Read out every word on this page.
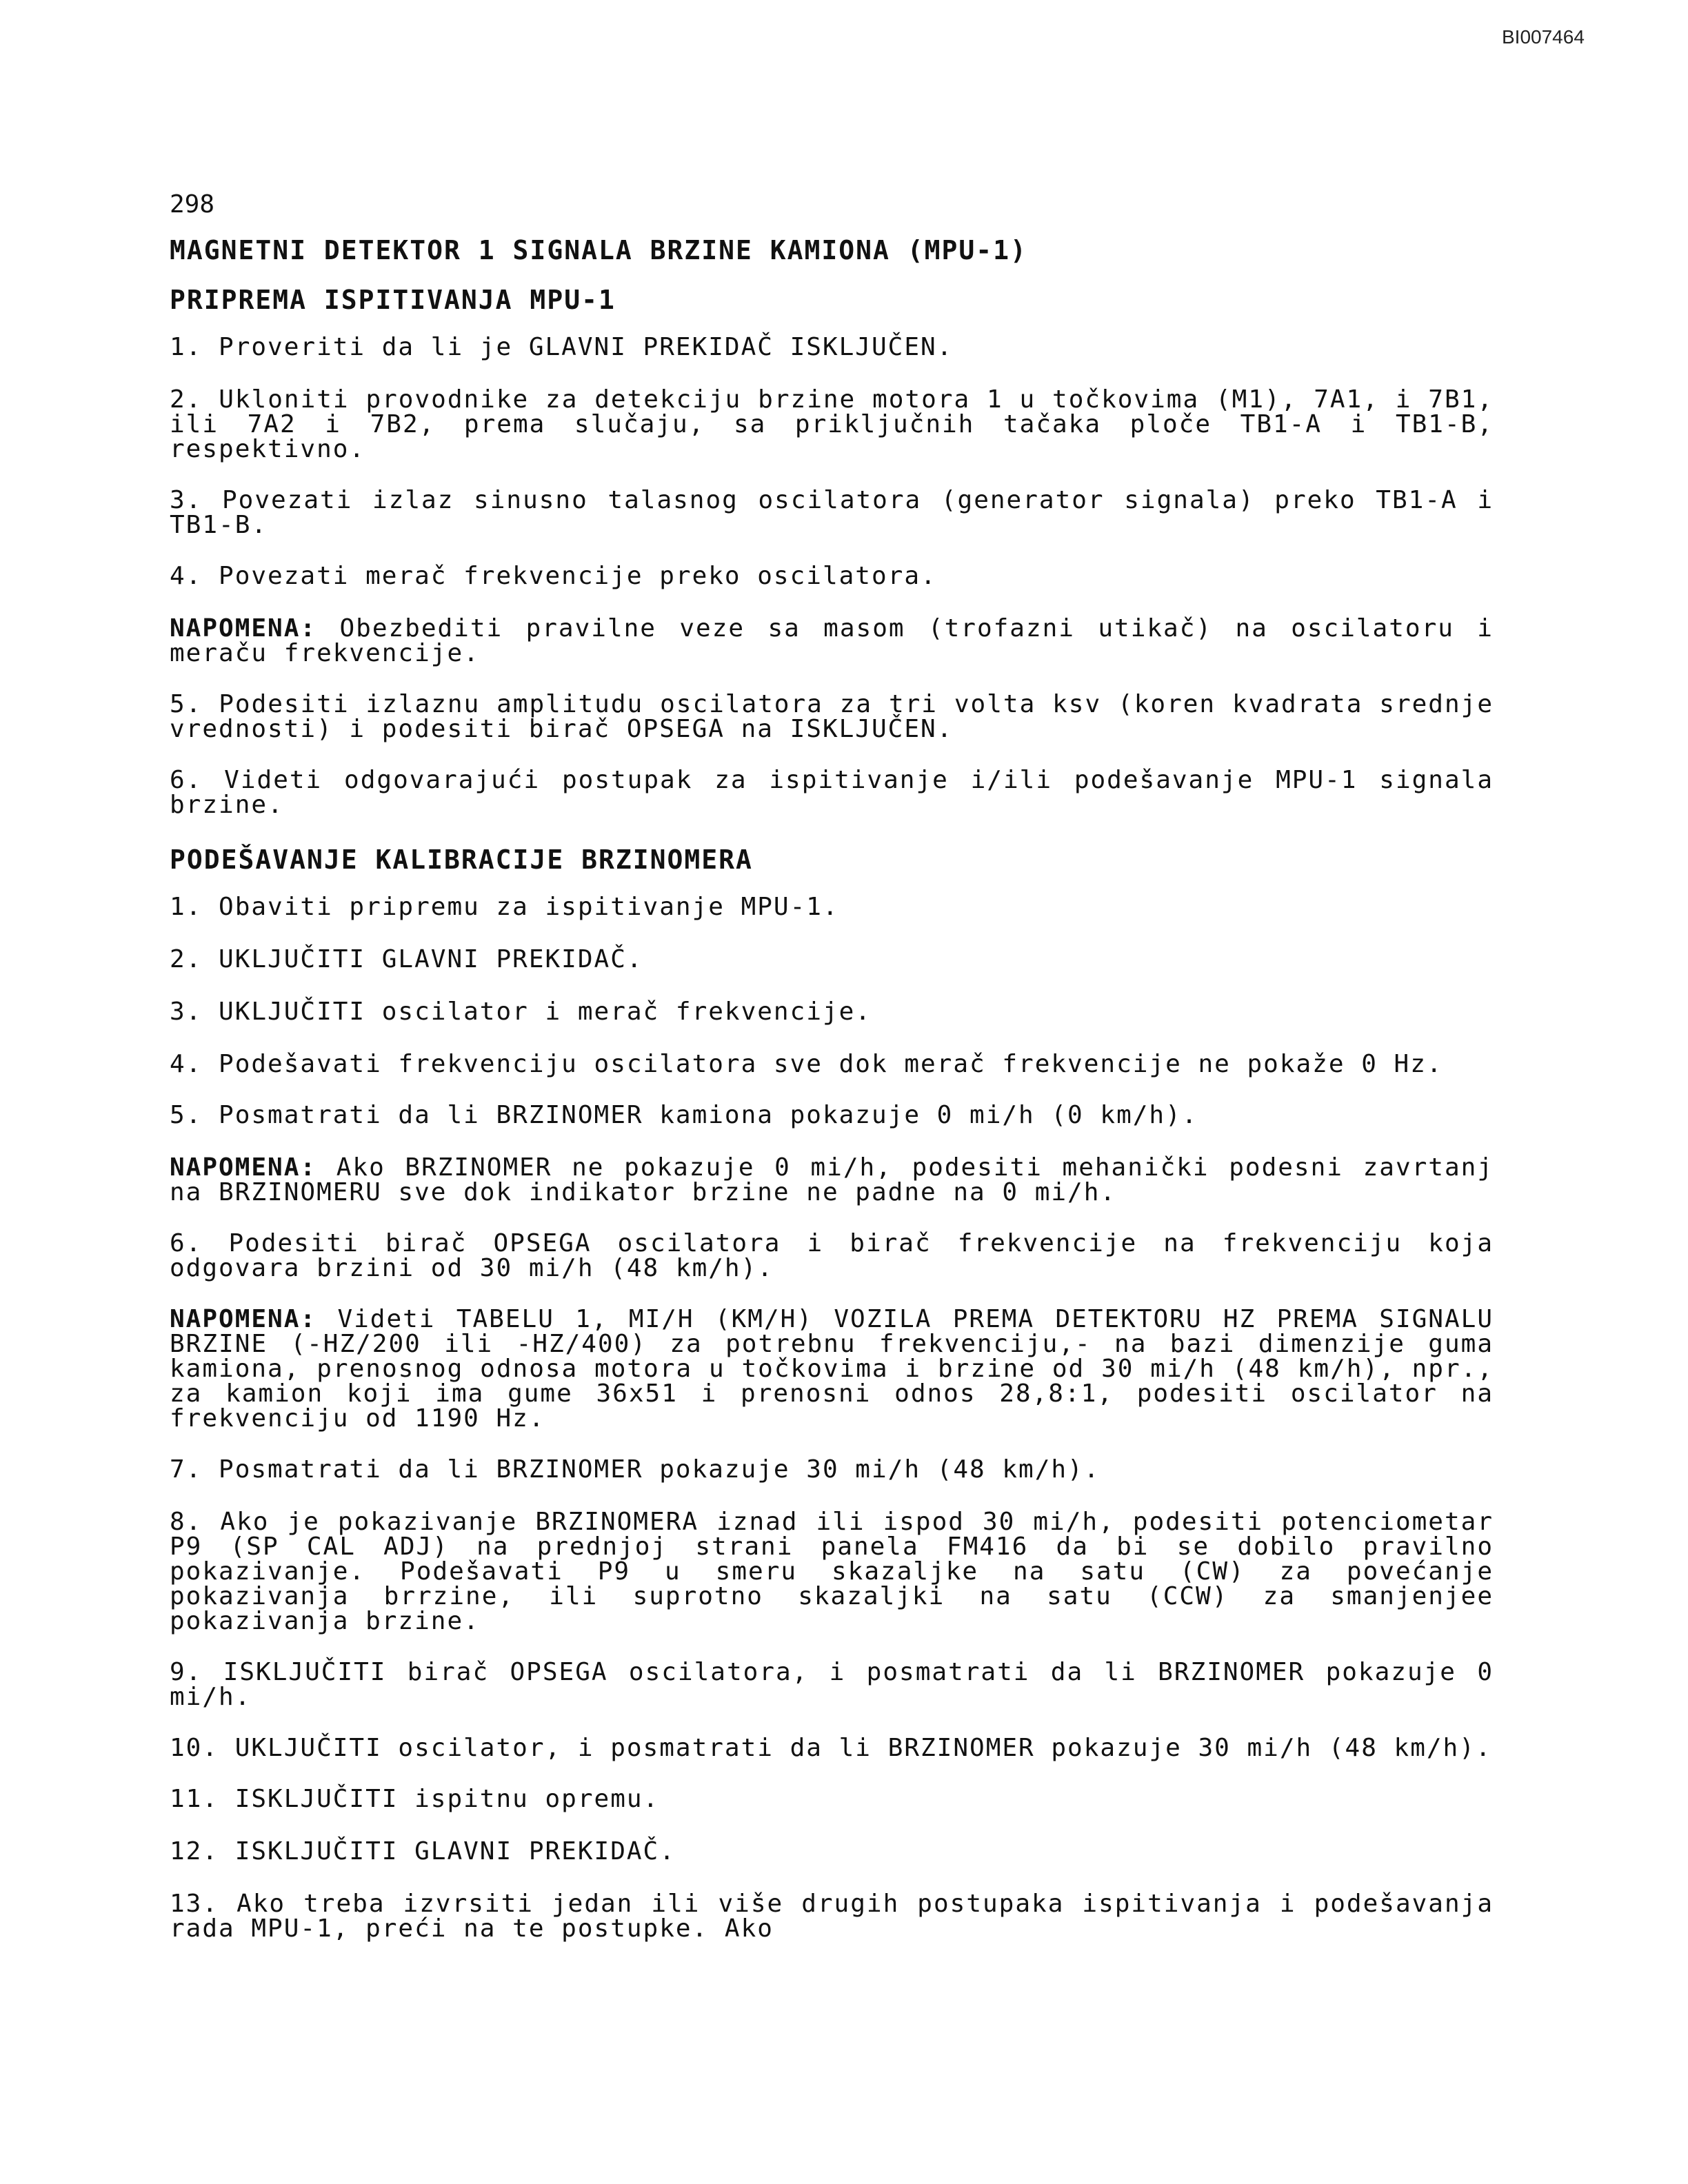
BI007464
298
MAGNETNI DETEKTOR 1 SIGNALA BRZINE KAMIONA (MPU-1)
PRIPREMA ISPITIVANJA MPU-1

1. Proveriti da li je GLAVNI PREKIDAČ ISKLJUČEN.

2. Ukloniti provodnike za detekciju brzine motora 1 u točkovima (M1), 7A1, i 7B1, ili 7A2 i 7B2, prema slučaju, sa priključnih tačaka ploče TB1-A i TB1-B, respektivno.

3. Povezati izlaz sinusno talasnog oscilatora (generator signala) preko TB1-A i TB1-B.

4. Povezati merač frekvencije preko oscilatora.

NAPOMENA: Obezbediti pravilne veze sa masom (trofazni utikač) na oscilatoru i meraču frekvencije.

5. Podesiti izlaznu amplitudu oscilatora za tri volta ksv (koren kvadrata srednje vrednosti) i podesiti birač OPSEGA na ISKLJUČEN.

6. Videti odgovarajući postupak za ispitivanje i/ili podešavanje MPU-1 signala brzine.

PODEŠAVANJE KALIBRACIJE BRZINOMERA

1. Obaviti pripremu za ispitivanje MPU-1.

2. UKLJUČITI GLAVNI PREKIDAČ.

3. UKLJUČITI oscilator i merač frekvencije.

4. Podešavati frekvenciju oscilatora sve dok merač frekvencije ne pokaže 0 Hz.

5. Posmatrati da li BRZINOMER kamiona pokazuje 0 mi/h (0 km/h).

NAPOMENA: Ako BRZINOMER ne pokazuje 0 mi/h, podesiti mehanički podesni zavrtanj na BRZINOMERU sve dok indikator brzine ne padne na 0 mi/h.

6. Podesiti birač OPSEGA oscilatora i birač frekvencije na frekvenciju koja odgovara brzini od 30 mi/h (48 km/h).

NAPOMENA: Videti TABELU 1, MI/H (KM/H) VOZILA PREMA DETEKTORU HZ PREMA SIGNALU BRZINE (-HZ/200 ili -HZ/400) za potrebnu frekvenciju,- na bazi dimenzije guma kamiona, prenosnog odnosa motora u točkovima i brzine od 30 mi/h (48 km/h), npr., za kamion koji ima gume 36x51 i prenosni odnos 28,8:1, podesiti oscilator na frekvenciju od 1190 Hz.

7. Posmatrati da li BRZINOMER pokazuje 30 mi/h (48 km/h).

8. Ako je pokazivanje BRZINOMERA iznad ili ispod 30 mi/h, podesiti potenciometar P9 (SP CAL ADJ) na prednjoj strani panela FM416 da bi se dobilo pravilno pokazivanje. Podešavati P9 u smeru skazaljke na satu (CW) za povećanje pokazivanja brrzine, ili suprotno skazaljki na satu (CCW) za smanjenjee pokazivanja brzine.

9. ISKLJUČITI birač OPSEGA oscilatora, i posmatrati da li BRZINOMER pokazuje 0 mi/h.

10. UKLJUČITI oscilator, i posmatrati da li BRZINOMER pokazuje 30 mi/h (48 km/h).

11. ISKLJUČITI ispitnu opremu.

12. ISKLJUČITI GLAVNI PREKIDAČ.

13. Ako treba izvrsiti jedan ili više drugih postupaka ispitivanja i podešavanja rada MPU-1, preći na te postupke. Ako
